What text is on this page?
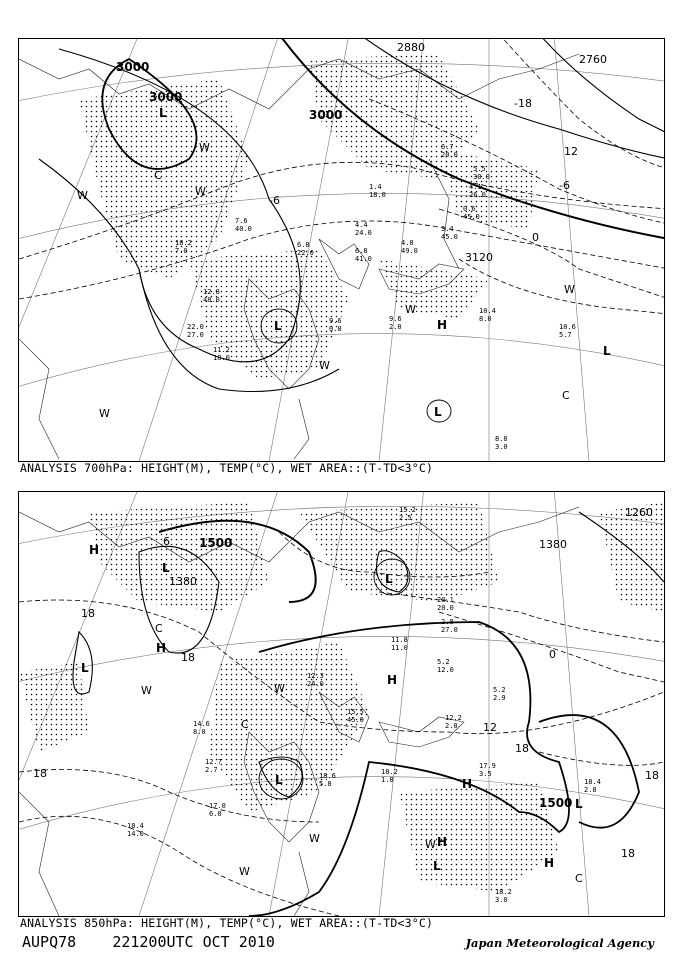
3000
3000
2880
2760
3000
3120
12
-6
0
-18
-6
L
L
L
L
H
C
C
W	W
W
W
W
W
W
12.8
48.0
10.2
7.0
22.0
27.0
11.2
18.0
9.6
0.8
9.6
2.0
10.4
8.0
10.6
5.7
8.8
3.0
4.8
49.0
3.4
45.0
6.8
41.0
4.4
24.0
1.4
18.0
6.7
20.0
5.5
30.0
4.1
26.0
0.6
45.0
7.6
40.0
6.8
22.0
ANALYSIS 700hPa: HEIGHT(M), TEMP(°C), WET AREA::(T-TD<3°C)
1500
1380
1380
1260
1500
18
18	0
12
18
18	18
18
6
H
L
H
L
L
H
L	H
L
L	H
H
C
C
C
W
W
W
W
W
15.2
2.5
20.1
20.0
2.8
27.0
5.2
12.0
5.2
2.9
12.2
2.0
18.2
1.8
17.9
3.5
18.4
2.8
18.2
3.0
17.0
6.0
18.4
14.0
12.7
2.7
14.6
8.0
15.5
45.0
11.8
11.0
12.3
24.0
18.6
5.8
ANALYSIS 850hPa: HEIGHT(M), TEMP(°C), WET AREA::(T-TD<3°C)
AUPQ78 221200UTC OCT 2010	Japan Meteorological Agency
